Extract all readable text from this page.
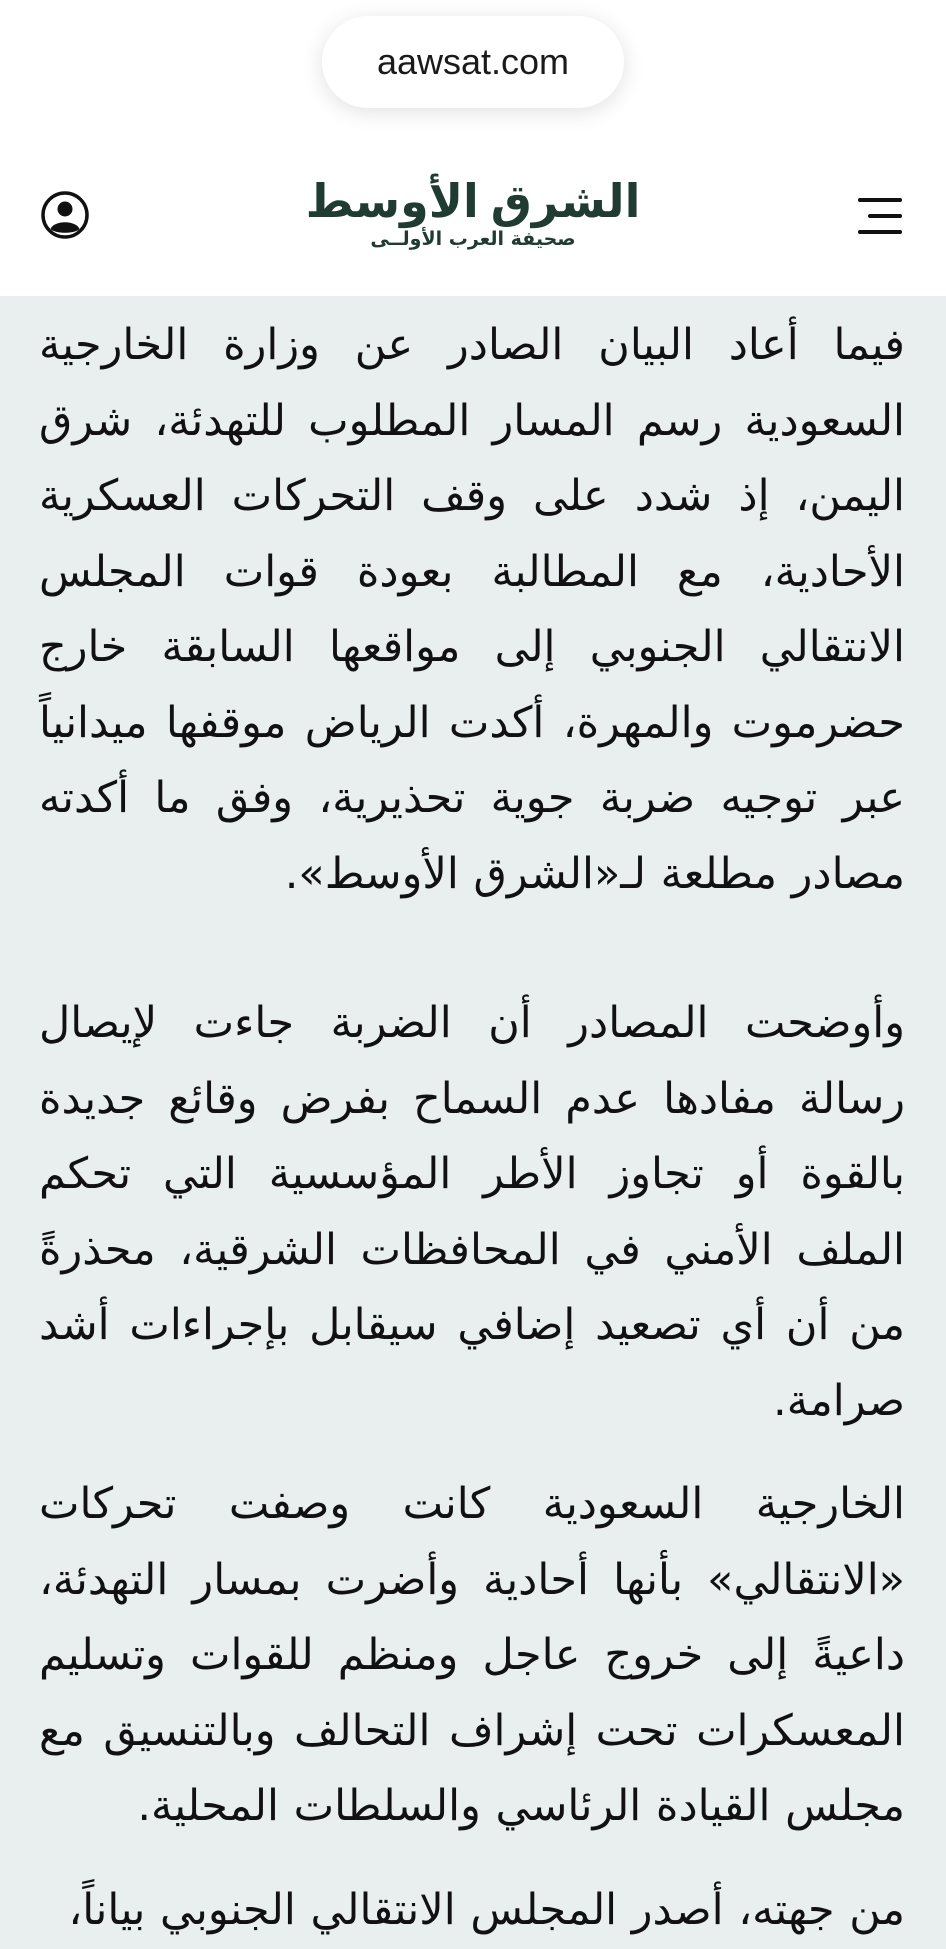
aawsat.com
الشرق
الأوسط
صحيفة العرب الأولــى

فيما أعاد البيان الصادر عن وزارة الخارجية السعودية رسم المسار المطلوب للتهدئة، شرق اليمن، إذ شدد على وقف التحركات العسكرية الأحادية، مع المطالبة بعودة قوات المجلس الانتقالي الجنوبي إلى مواقعها السابقة خارج حضرموت والمهرة، أكدت الرياض موقفها ميدانياً عبر توجيه ضربة جوية تحذيرية، وفق ما أكدته مصادر مطلعة لـ«الشرق الأوسط».

وأوضحت المصادر أن الضربة جاءت لإيصال رسالة مفادها عدم السماح بفرض وقائع جديدة بالقوة أو تجاوز الأطر المؤسسية التي تحكم الملف الأمني في المحافظات الشرقية، محذرةً من أن أي تصعيد إضافي سيقابل بإجراءات أشد صرامة.

الخارجية السعودية كانت وصفت تحركات «الانتقالي» بأنها أحادية وأضرت بمسار التهدئة، داعيةً إلى خروج عاجل ومنظم للقوات وتسليم المعسكرات تحت إشراف التحالف وبالتنسيق مع مجلس القيادة الرئاسي والسلطات المحلية.

من جهته، أصدر المجلس الانتقالي الجنوبي بياناً،
